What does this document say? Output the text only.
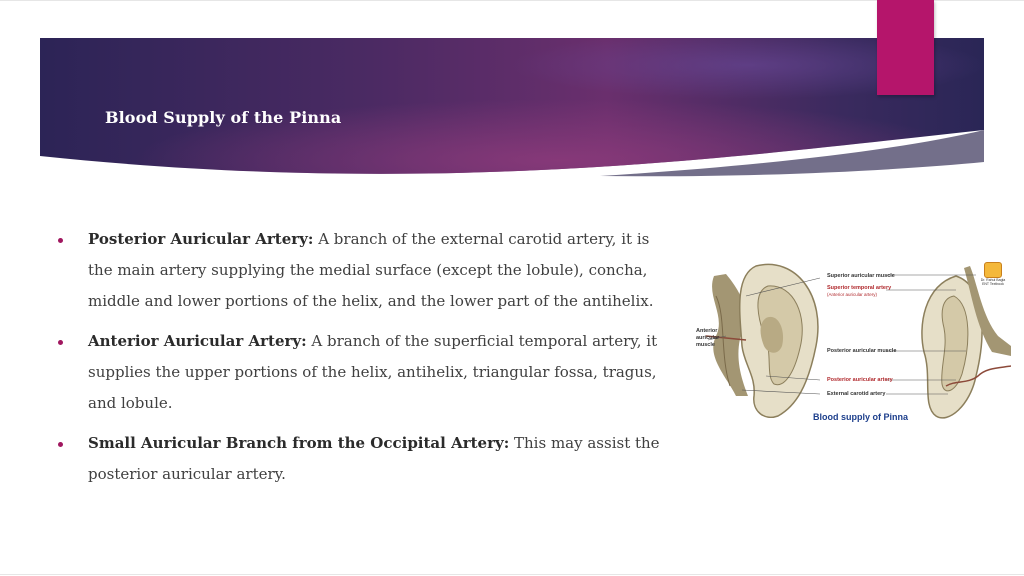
Blood Supply of the Pinna
Posterior Auricular Artery: A branch of the external carotid artery, it is the main artery supplying the medial surface (except the lobule), concha, middle and lower portions of the helix, and the lower part of the antihelix.
Anterior Auricular Artery: A branch of the superficial temporal artery, it supplies the upper portions of the helix, antihelix, triangular fossa, tragus, and lobule.
Small Auricular Branch from the Occipital Artery: This may assist the posterior auricular artery.
Superior auricular muscle
Superior temporal artery
(Anterior auricular artery)
Anterior
auricular
muscle
Posterior auricular muscle
Posterior auricular artery
External carotid artery
Blood supply of Pinna
Dr. Rahul Bagla ENT Textbook
